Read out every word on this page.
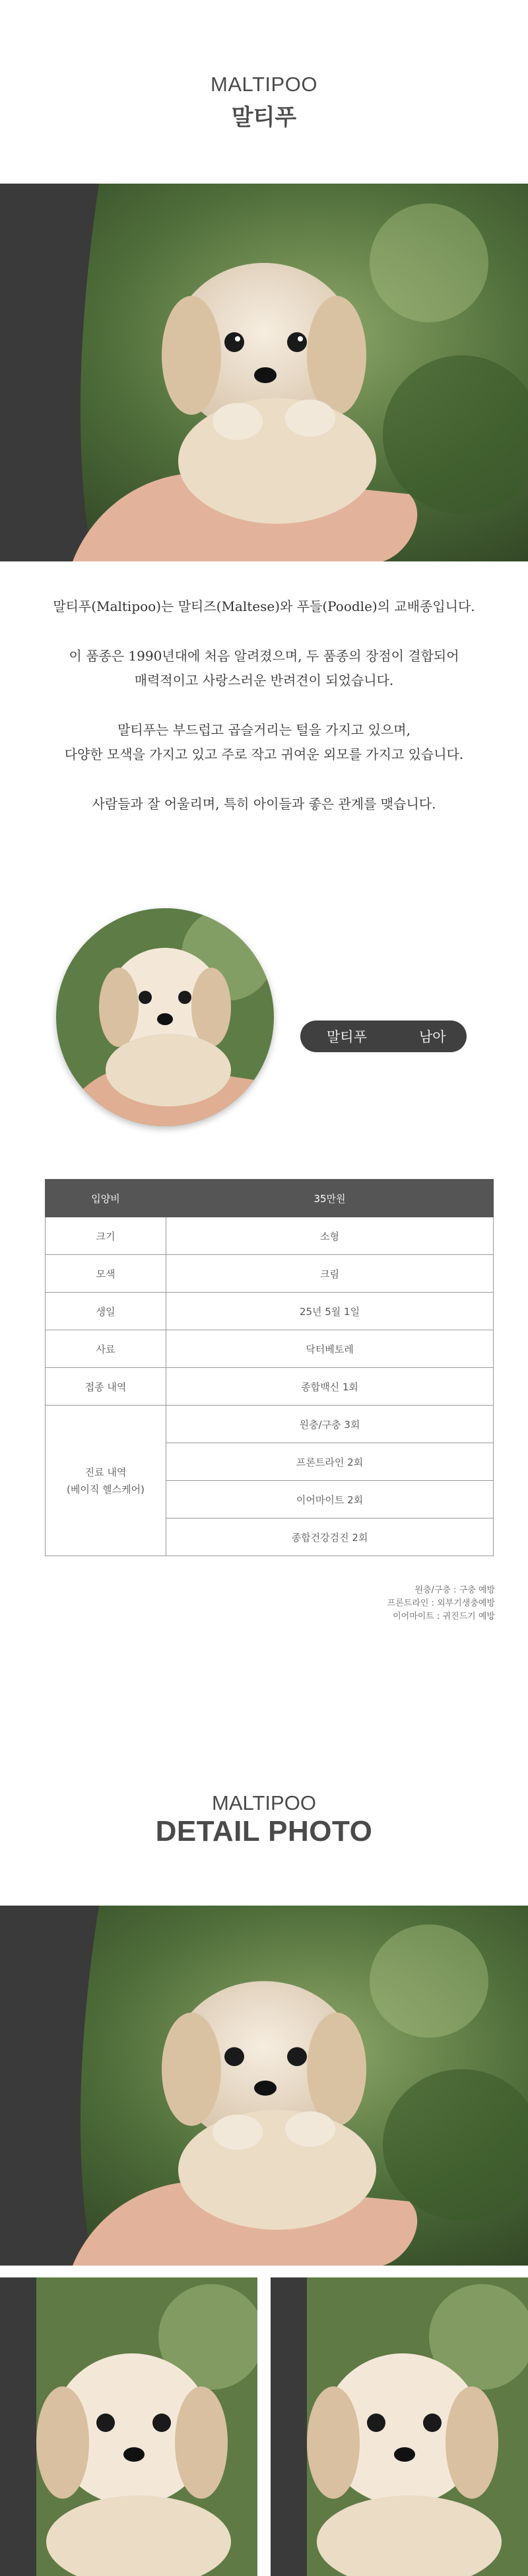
MALTIPOO
말티푸

말티푸(Maltipoo)는 말티즈(Maltese)와 푸들(Poodle)의 교배종입니다.

이 품종은 1990년대에 처음 알려졌으며, 두 품종의 장점이 결합되어
매력적이고 사랑스러운 반려견이 되었습니다.

말티푸는 부드럽고 곱슬거리는 털을 가지고 있으며,
다양한 모색을 가지고 있고 주로 작고 귀여운 외모를 가지고 있습니다.

사람들과 잘 어울리며, 특히 아이들과 좋은 관계를 맺습니다.

말티푸	남아
입양비	35만원
크기	소형
모색	크림
생일	25년 5월 1일
사료	닥터베토레
접종 내역	종합백신 1회
진료 내역
(베이직 헬스케어)	원충/구충 3회
	프론트라인 2회
	이어마이트 2회
	종합건강검진 2회
원충/구충 : 구충 예방
프론트라인 : 외부기생충예방
이어마이트 : 귀진드기 예방
MALTIPOO
DETAIL PHOTO
